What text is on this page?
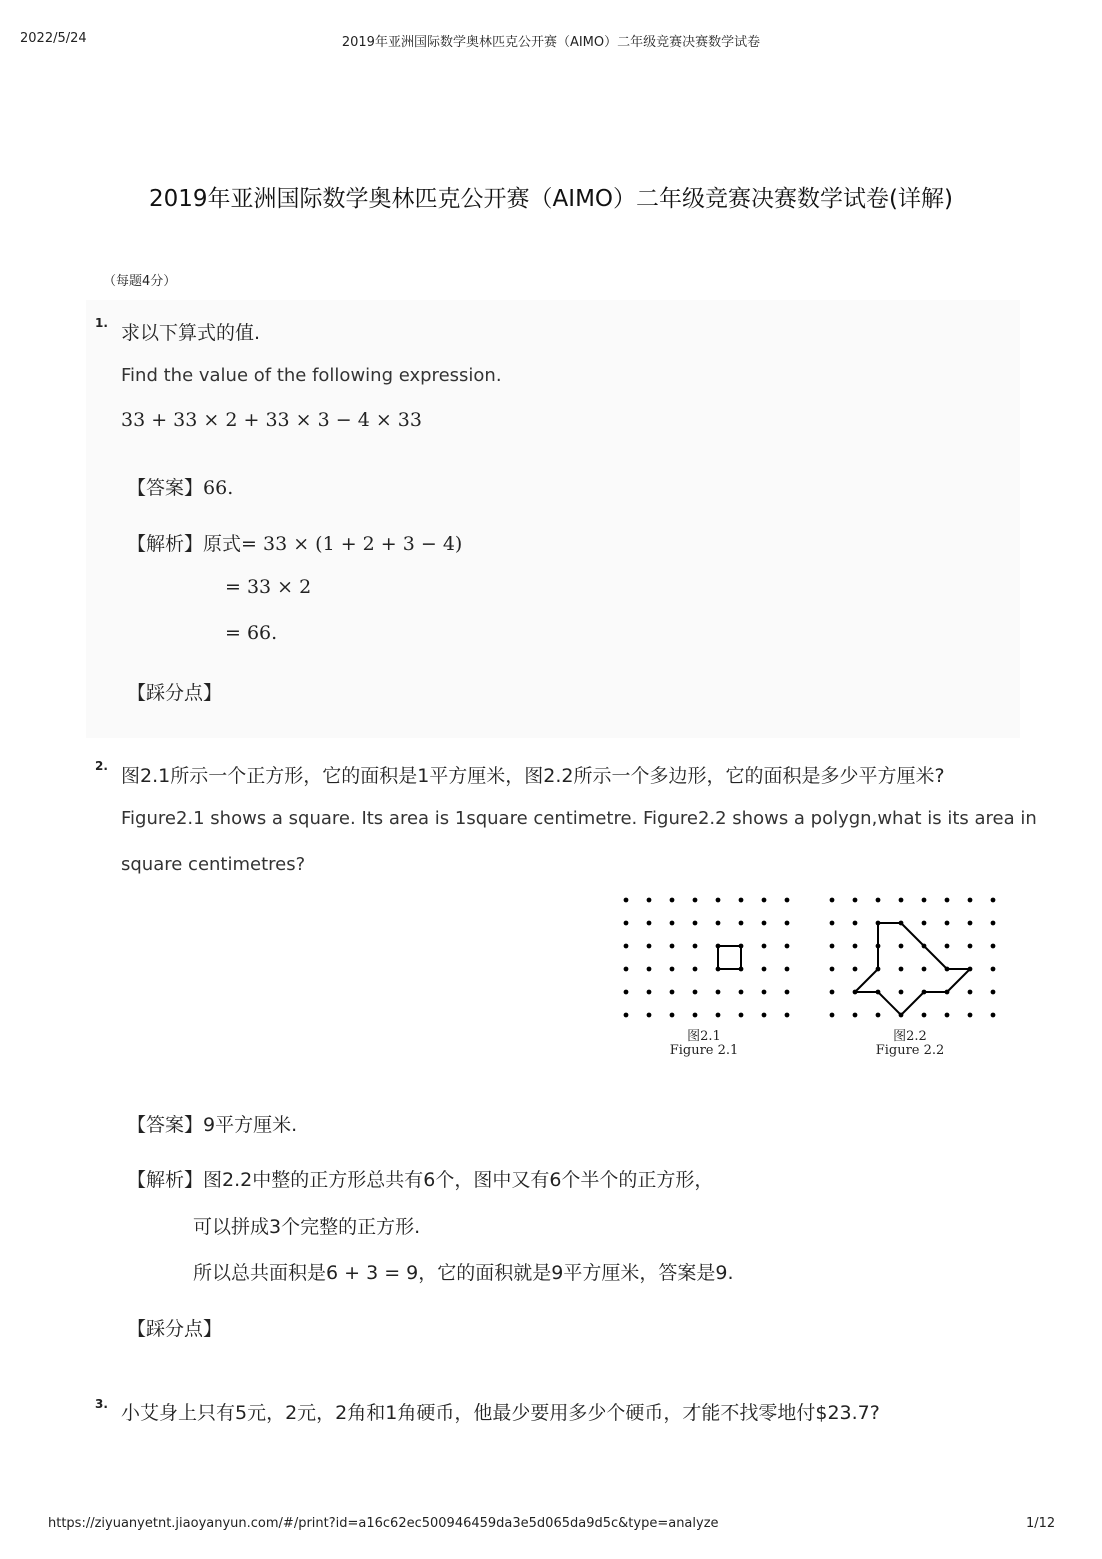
2022/5/24	2019年亚洲国际数学奥林匹克公开赛（AIMO）二年级竞赛决赛数学试卷
2019年亚洲国际数学奥林匹克公开赛（AIMO）二年级竞赛决赛数学试卷(详解)
（每题4分）
1. 求以下算式的值.
Find the value of the following expression.
33 + 33 × 2 + 33 × 3 − 4 × 33
【答案】66.
【解析】原式= 33 × (1 + 2 + 3 − 4)
= 33 × 2
= 66.
【踩分点】
2. 图2.1所示一个正方形，它的面积是1平方厘米，图2.2所示一个多边形，它的面积是多少平方厘米?
Figure2.1 shows a square. Its area is 1square centimetre. Figure2.2 shows a polygn,what is its area in
square centimetres?
图2.1
Figure 2.1
图2.2
Figure 2.2
【答案】9平方厘米.
【解析】图2.2中整的正方形总共有6个，图中又有6个半个的正方形，
可以拼成3个完整的正方形.
所以总共面积是6 + 3 = 9，它的面积就是9平方厘米，答案是9.
【踩分点】
3. 小艾身上只有5元，2元，2角和1角硬币，他最少要用多少个硬币，才能不找零地付$23.7?
https://ziyuanyetnt.jiaoyanyun.com/#/print?id=a16c62ec500946459da3e5d065da9d5c&type=analyze	1/12
